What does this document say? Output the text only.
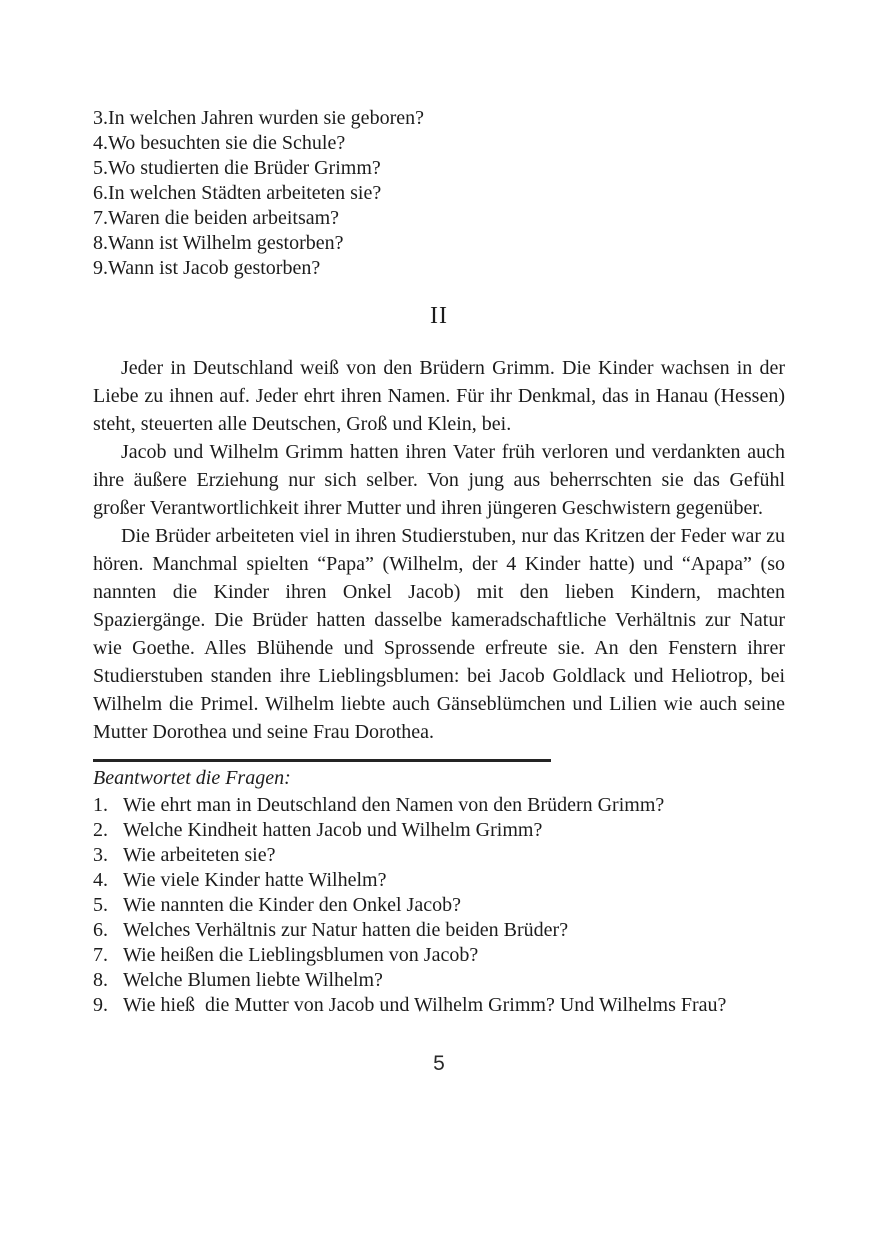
3.In welchen Jahren wurden sie geboren?
4.Wo besuchten sie die Schule?
5.Wo studierten die Brüder Grimm?
6.In welchen Städten arbeiteten sie?
7.Waren die beiden arbeitsam?
8.Wann ist Wilhelm gestorben?
9.Wann ist Jacob gestorben?
II

Jeder in Deutschland weiß von den Brüdern Grimm. Die Kinder wachsen in der Liebe zu ihnen auf. Jeder ehrt ihren Namen. Für ihr Denkmal, das in Hanau (Hessen) steht, steuerten alle Deutschen, Groß und Klein, bei.

Jacob und Wilhelm Grimm hatten ihren Vater früh verloren und verdankten auch ihre äußere Erziehung nur sich selber. Von jung aus beherrschten sie das Gefühl großer Verantwortlichkeit ihrer Mutter und ihren jüngeren Geschwistern gegenüber.

Die Brüder arbeiteten viel in ihren Studierstuben, nur das Kritzen der Feder war zu hören. Manchmal spielten “Papa” (Wilhelm, der 4 Kinder hatte) und “Apapa” (so nannten die Kinder ihren Onkel Jacob) mit den lieben Kindern, machten Spaziergänge. Die Brüder hatten dasselbe kameradschaftliche Verhältnis zur Natur wie Goethe. Alles Blühende und Sprossende erfreute sie. An den Fenstern ihrer Studierstuben standen ihre Lieblingsblumen: bei Jacob Goldlack und Heliotrop, bei Wilhelm die Primel. Wilhelm liebte auch Gänseblümchen und Lilien wie auch seine Mutter Dorothea und seine Frau Dorothea.

Beantwortet die Fragen:

1. Wie ehrt man in Deutschland den Namen von den Brüdern Grimm?
2. Welche Kindheit hatten Jacob und Wilhelm Grimm?
3. Wie arbeiteten sie?
4. Wie viele Kinder hatte Wilhelm?
5. Wie nannten die Kinder den Onkel Jacob?
6. Welches Verhältnis zur Natur hatten die beiden Brüder?
7. Wie heißen die Lieblingsblumen von Jacob?
8. Welche Blumen liebte Wilhelm?
9. Wie hieß  die Mutter von Jacob und Wilhelm Grimm? Und Wilhelms Frau?
5
